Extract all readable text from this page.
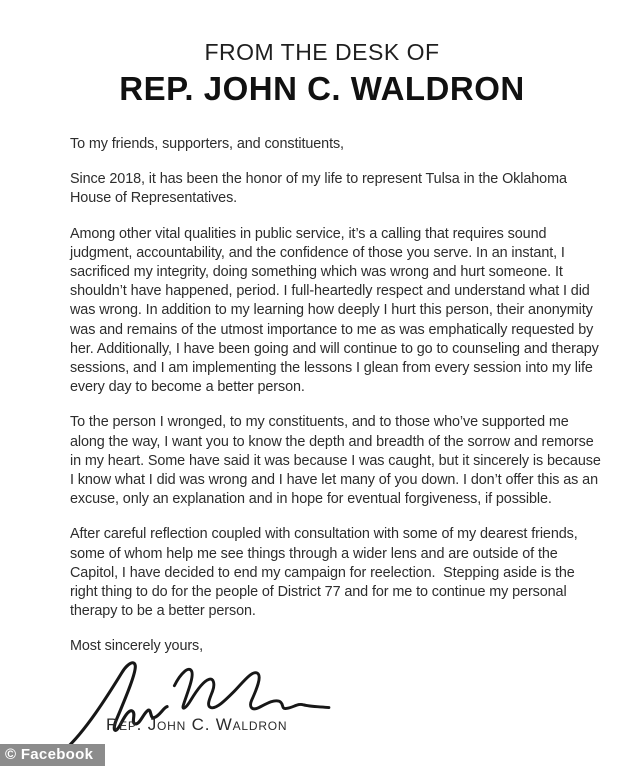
FROM THE DESK OF
REP. JOHN C. WALDRON

To my friends, supporters, and constituents,

Since 2018, it has been the honor of my life to represent Tulsa in the Oklahoma House of Representatives.

Among other vital qualities in public service, it’s a calling that requires sound judgment, accountability, and the confidence of those you serve. In an instant, I sacrificed my integrity, doing something which was wrong and hurt someone. It shouldn’t have happened, period. I full-heartedly respect and understand what I did was wrong. In addition to my learning how deeply I hurt this person, their anonymity was and remains of the utmost importance to me as was emphatically requested by her. Additionally, I have been going and will continue to go to counseling and therapy sessions, and I am implementing the lessons I glean from every session into my life every day to become a better person.

To the person I wronged, to my constituents, and to those who’ve supported me along the way, I want you to know the depth and breadth of the sorrow and remorse in my heart. Some have said it was because I was caught, but it sincerely is because I know what I did was wrong and I have let many of you down. I don’t offer this as an excuse, only an explanation and in hope for eventual forgiveness, if possible.

After careful reflection coupled with consultation with some of my dearest friends, some of whom help me see things through a wider lens and are outside of the Capitol, I have decided to end my campaign for reelection.  Stepping aside is the right thing to do for the people of District 77 and for me to continue my personal therapy to be a better person.

Most sincerely yours,

Rep. John C. Waldron
© Facebook
